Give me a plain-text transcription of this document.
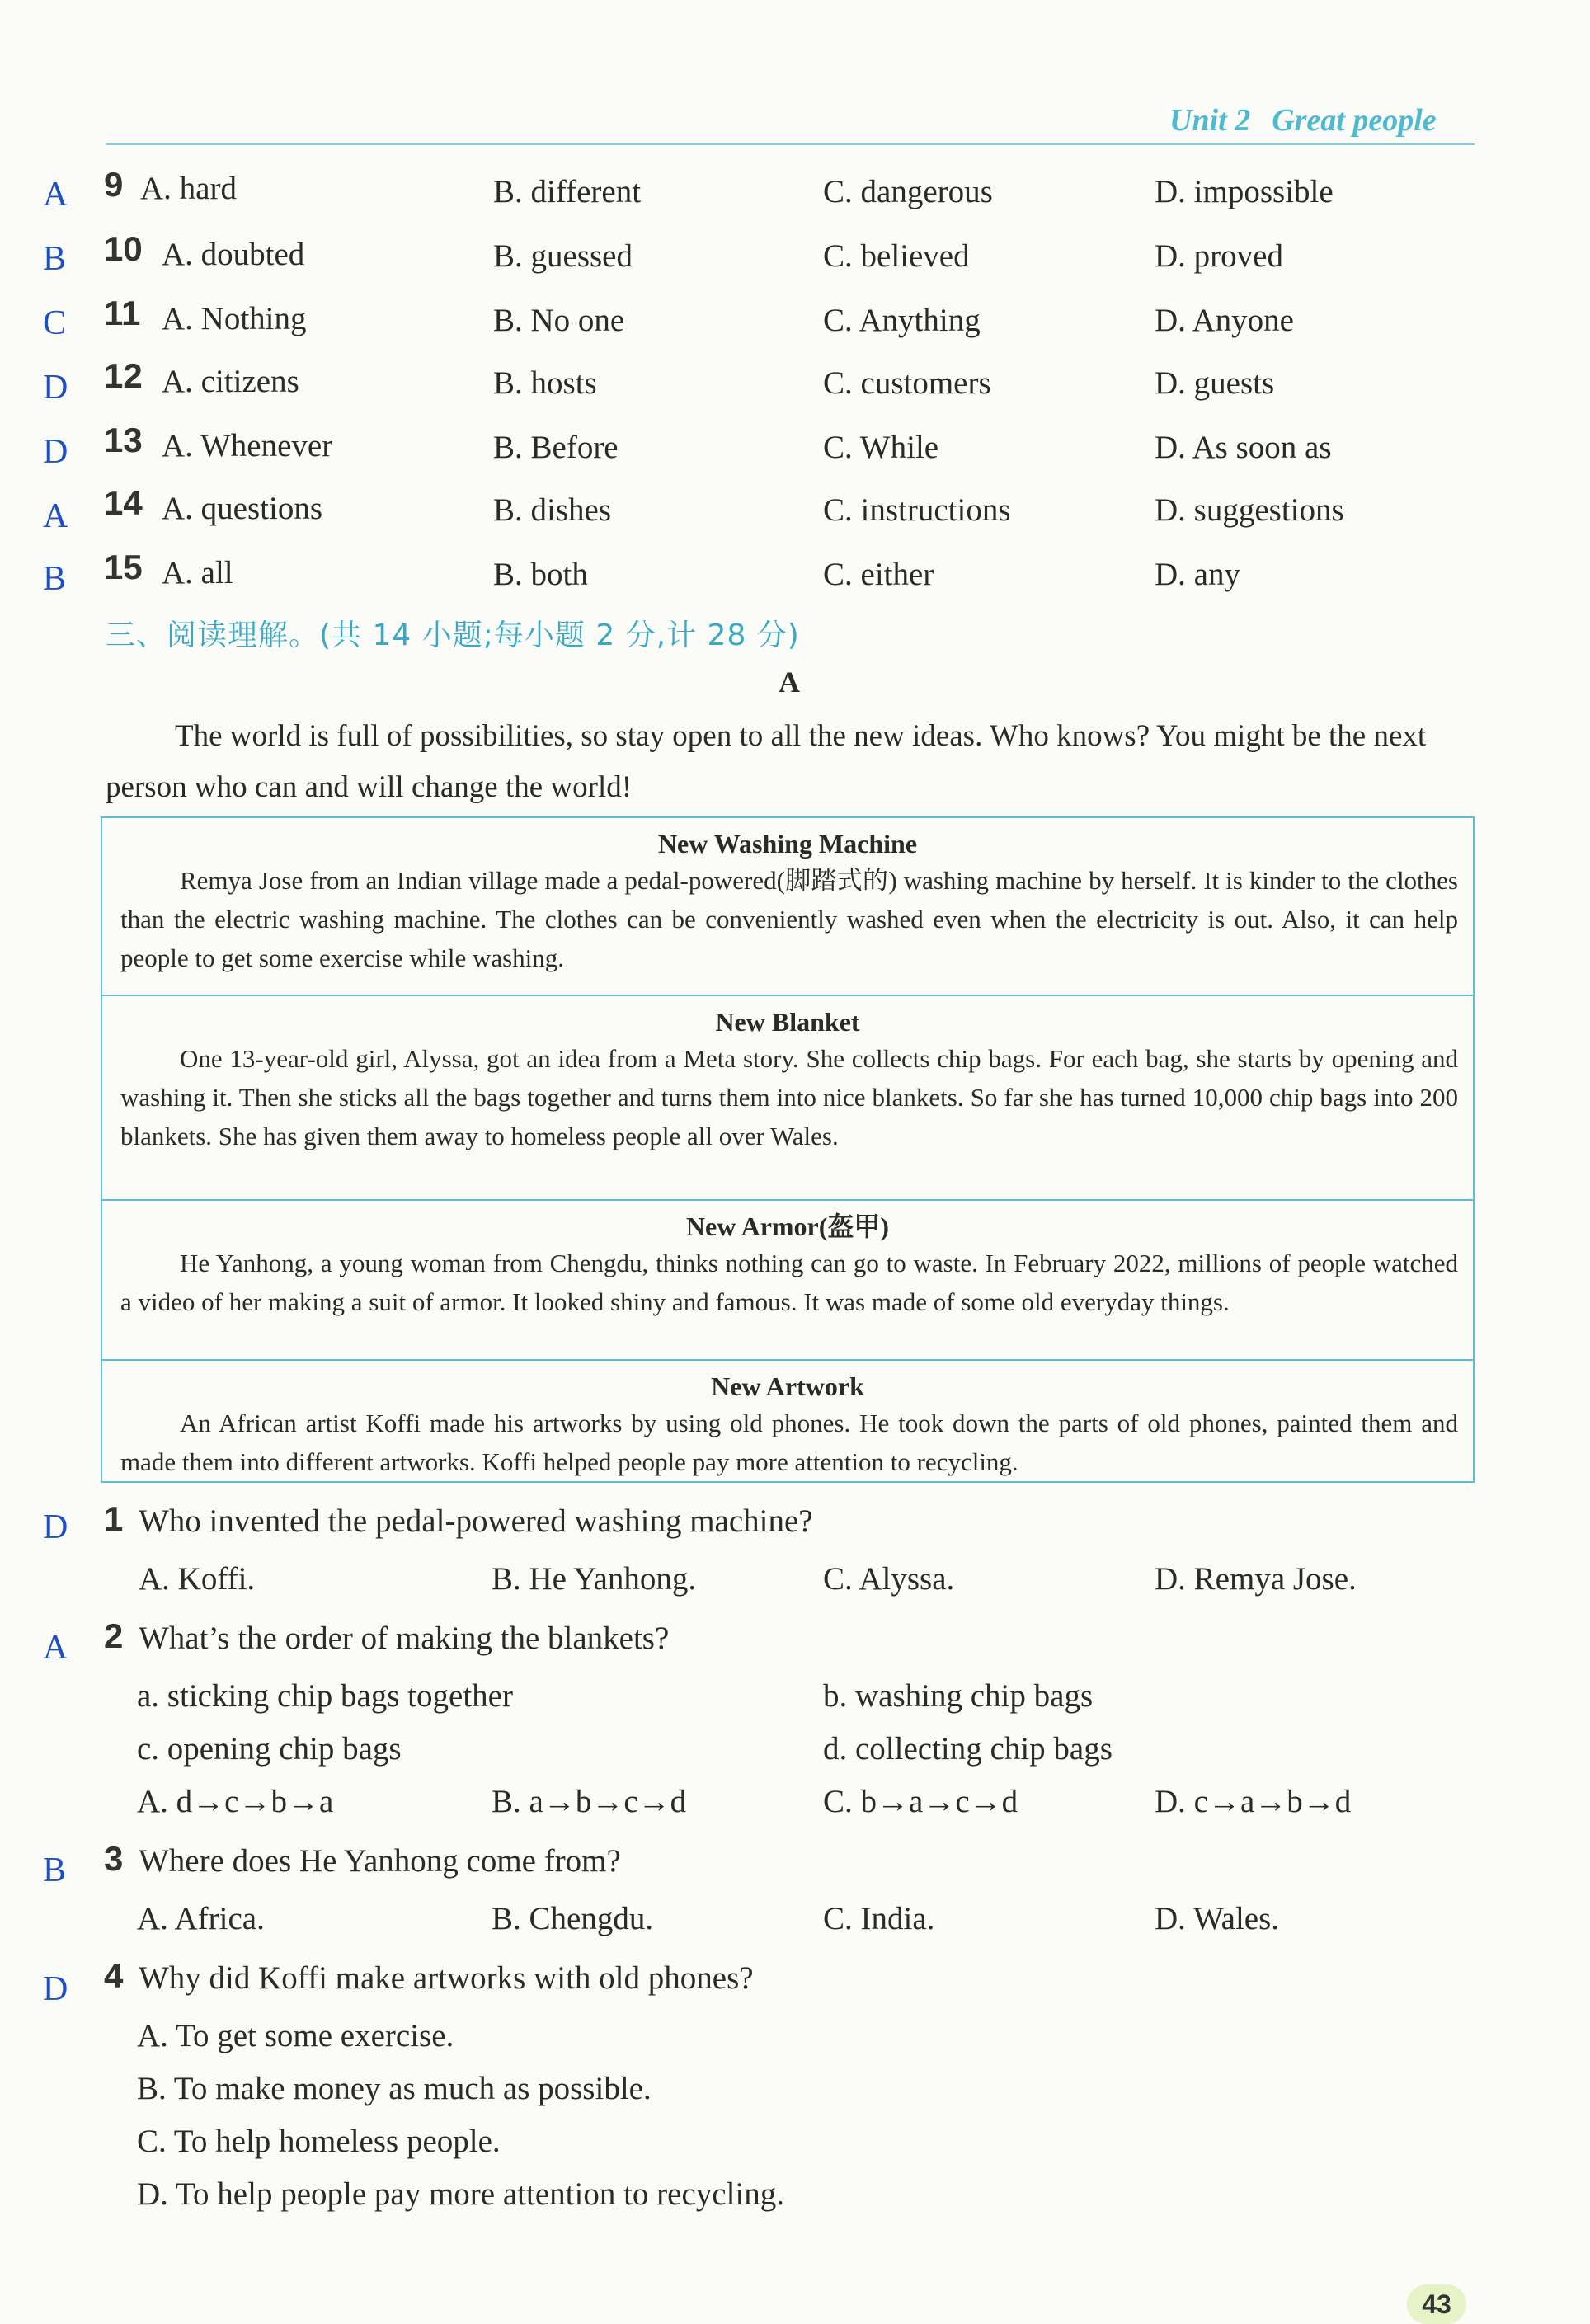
Unit 2 Great people
A 9 A. hard	B. different	C. dangerous	D. impossible
B 10 A. doubted	B. guessed	C. believed	D. proved
C 11 A. Nothing	B. No one	C. Anything	D. Anyone
D 12 A. citizens	B. hosts	C. customers	D. guests
D 13 A. Whenever	B. Before	C. While	D. As soon as
A 14 A. questions	B. dishes	C. instructions	D. suggestions
B 15 A. all	B. both	C. either	D. any
三、阅读理解。(共 14 小题;每小题 2 分,计 28 分)
A
The world is full of possibilities, so stay open to all the new ideas. Who knows? You might be the next person who can and will change the world!
New Washing Machine
Remya Jose from an Indian village made a pedal-powered(脚踏式的) washing machine by herself. It is kinder to the clothes than the electric washing machine. The clothes can be conveniently washed even when the electricity is out. Also, it can help people to get some exercise while washing.
New Blanket
One 13-year-old girl, Alyssa, got an idea from a Meta story. She collects chip bags. For each bag, she starts by opening and washing it. Then she sticks all the bags together and turns them into nice blankets. So far she has turned 10,000 chip bags into 200 blankets. She has given them away to homeless people all over Wales.
New Armor(盔甲)
He Yanhong, a young woman from Chengdu, thinks nothing can go to waste. In February 2022, millions of people watched a video of her making a suit of armor. It looked shiny and famous. It was made of some old everyday things.
New Artwork
An African artist Koffi made his artworks by using old phones. He took down the parts of old phones, painted them and made them into different artworks. Koffi helped people pay more attention to recycling.
D 1 Who invented the pedal-powered washing machine?
A. Koffi.	B. He Yanhong.	C. Alyssa.	D. Remya Jose.
A 2 What’s the order of making the blankets?
a. sticking chip bags together	b. washing chip bags
c. opening chip bags	d. collecting chip bags
A. d→c→b→a	B. a→b→c→d	C. b→a→c→d	D. c→a→b→d
B 3 Where does He Yanhong come from?
A. Africa.	B. Chengdu.	C. India.	D. Wales.
D 4 Why did Koffi make artworks with old phones?
A. To get some exercise.
B. To make money as much as possible.
C. To help homeless people.
D. To help people pay more attention to recycling.
43
